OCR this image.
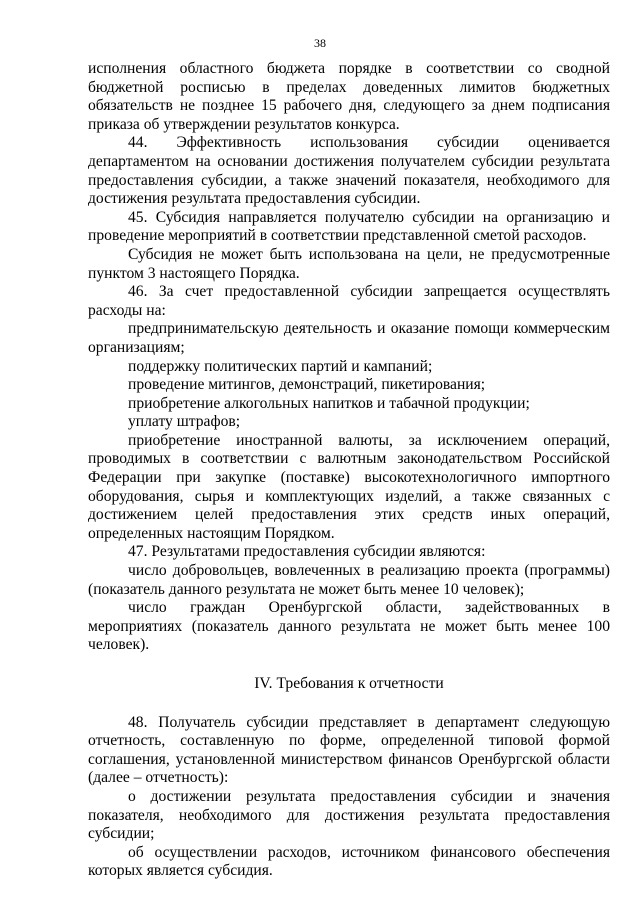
38

исполнения областного бюджета порядке в соответствии со сводной бюджетной росписью в пределах доведенных лимитов бюджетных обязательств не позднее 15 рабочего дня, следующего за днем подписания приказа об утверждении результатов конкурса.

44. Эффективность использования субсидии оценивается департаментом на основании достижения получателем субсидии результата предоставления субсидии, а также значений показателя, необходимого для достижения результата предоставления субсидии.

45. Субсидия направляется получателю субсидии на организацию и проведение мероприятий в соответствии представленной сметой расходов.

Субсидия не может быть использована на цели, не предусмотренные пунктом 3 настоящего Порядка.

46. За счет предоставленной субсидии запрещается осуществлять расходы на:

предпринимательскую деятельность и оказание помощи коммерческим организациям;

поддержку политических партий и кампаний;

проведение митингов, демонстраций, пикетирования;

приобретение алкогольных напитков и табачной продукции;

уплату штрафов;

приобретение иностранной валюты, за исключением операций, проводимых в соответствии с валютным законодательством Российской Федерации при закупке (поставке) высокотехнологичного импортного оборудования, сырья и комплектующих изделий, а также связанных с достижением целей предоставления этих средств иных операций, определенных настоящим Порядком.

47. Результатами предоставления субсидии являются:

число добровольцев, вовлеченных в реализацию проекта (программы) (показатель данного результата не может быть менее 10 человек);

число граждан Оренбургской области, задействованных в мероприятиях (показатель данного результата не может быть менее 100 человек).

IV. Требования к отчетности

48. Получатель субсидии представляет в департамент следующую отчетность, составленную по форме, определенной типовой формой соглашения, установленной министерством финансов Оренбургской области (далее – отчетность):

о достижении результата предоставления субсидии и значения показателя, необходимого для достижения результата предоставления субсидии;

об осуществлении расходов, источником финансового обеспечения которых является субсидия.
